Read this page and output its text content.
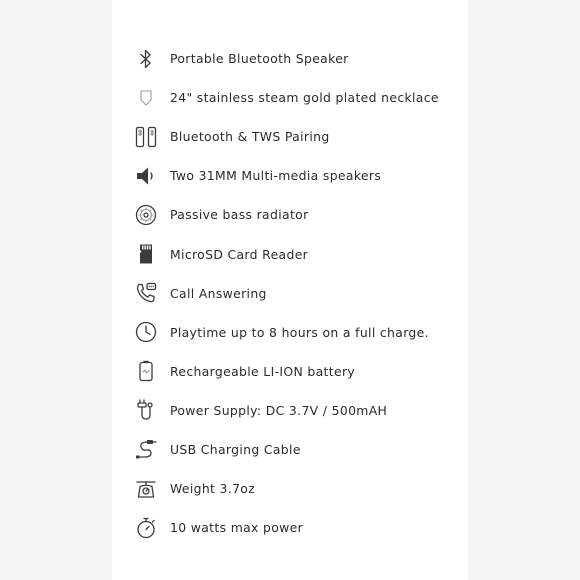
Portable Bluetooth Speaker
24" stainless steam gold plated necklace
Bluetooth & TWS Pairing
Two 31MM Multi-media speakers
Passive bass radiator
MicroSD Card Reader
Call Answering
Playtime up to 8 hours on a full charge.
Rechargeable LI-ION battery
Power Supply: DC 3.7V / 500mAH
USB Charging Cable
Weight 3.7oz
10 watts max power
